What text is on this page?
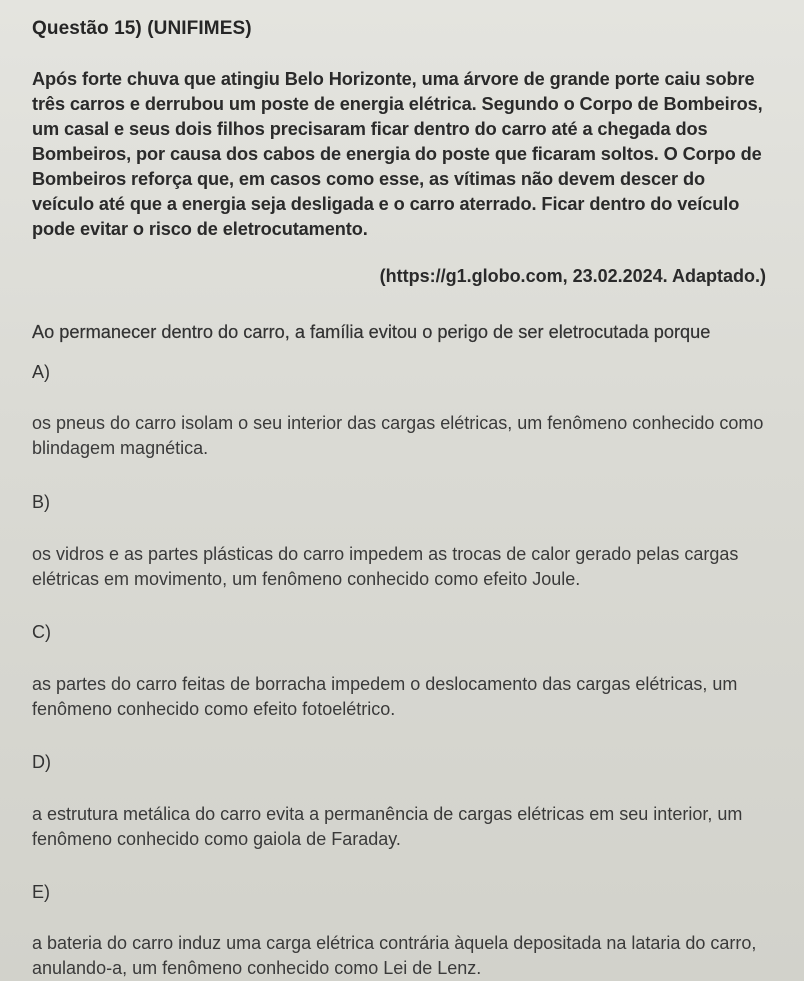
Questão 15) (UNIFIMES)

Após forte chuva que atingiu Belo Horizonte, uma árvore de grande porte caiu sobre três carros e derrubou um poste de energia elétrica. Segundo o Corpo de Bombeiros, um casal e seus dois filhos precisaram ficar dentro do carro até a chegada dos Bombeiros, por causa dos cabos de energia do poste que ficaram soltos. O Corpo de Bombeiros reforça que, em casos como esse, as vítimas não devem descer do veículo até que a energia seja desligada e o carro aterrado. Ficar dentro do veículo pode evitar o risco de eletrocutamento.

(https://g1.globo.com, 23.02.2024. Adaptado.)

Ao permanecer dentro do carro, a família evitou o perigo de ser eletrocutada porque

A)

os pneus do carro isolam o seu interior das cargas elétricas, um fenômeno conhecido como blindagem magnética.

B)

os vidros e as partes plásticas do carro impedem as trocas de calor gerado pelas cargas elétricas em movimento, um fenômeno conhecido como efeito Joule.

C)

as partes do carro feitas de borracha impedem o deslocamento das cargas elétricas, um fenômeno conhecido como efeito fotoelétrico.

D)

a estrutura metálica do carro evita a permanência de cargas elétricas em seu interior, um fenômeno conhecido como gaiola de Faraday.

E)

a bateria do carro induz uma carga elétrica contrária àquela depositada na lataria do carro, anulando-a, um fenômeno conhecido como Lei de Lenz.
